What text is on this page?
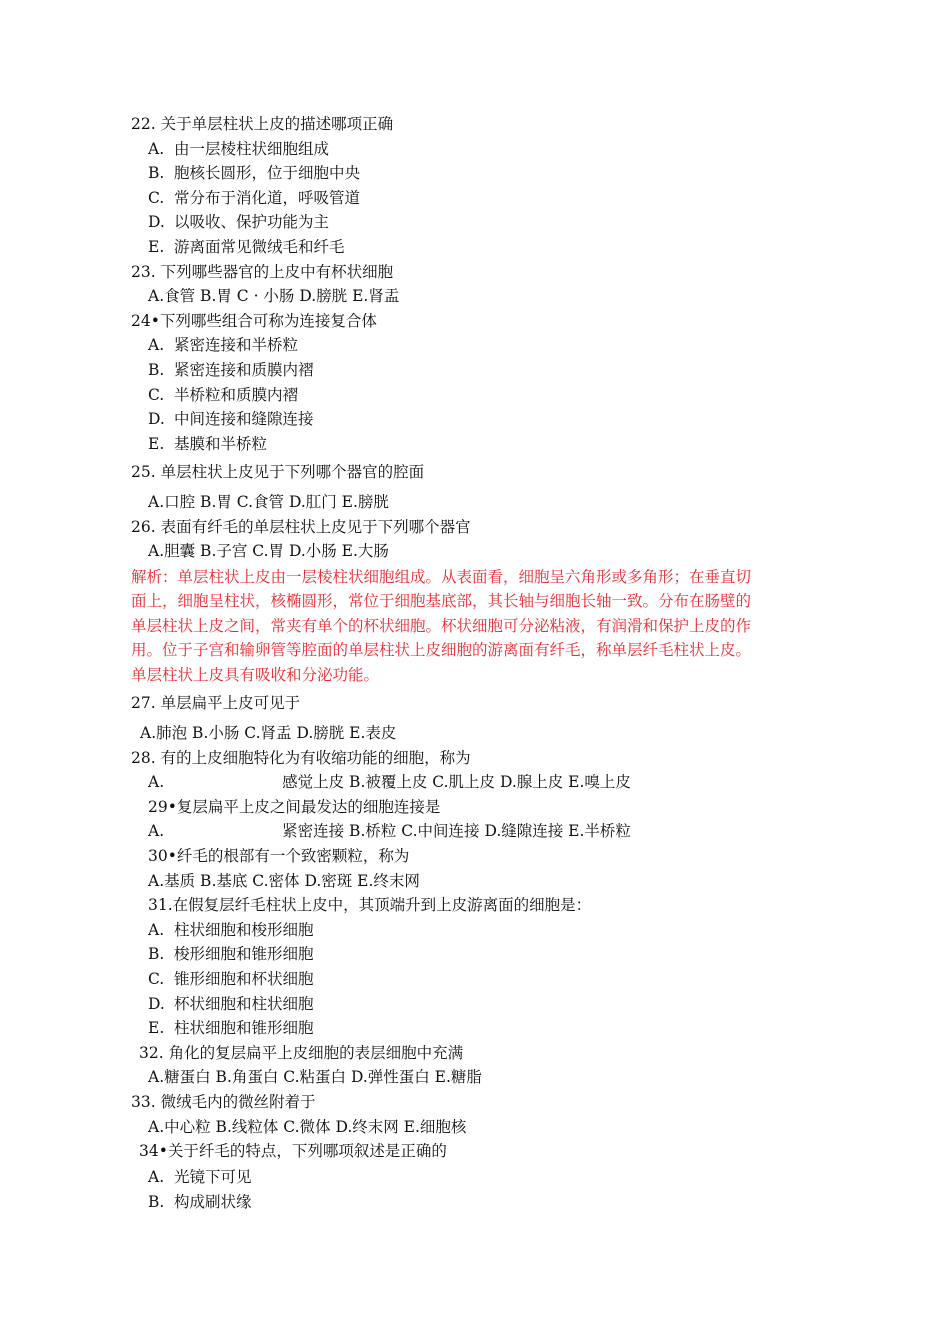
22. 关于单层柱状上皮的描述哪项正确
A. 由一层棱柱状细胞组成
B. 胞核长圆形，位于细胞中央
C. 常分布于消化道，呼吸管道
D. 以吸收、保护功能为主
E. 游离面常见微绒毛和纤毛
23. 下列哪些器官的上皮中有杯状细胞
A.食管 B.胃 C · 小肠 D.膀胱 E.肾盂
24•下列哪些组合可称为连接复合体
A. 紧密连接和半桥粒
B. 紧密连接和质膜内褶
C. 半桥粒和质膜内褶
D. 中间连接和缝隙连接
E. 基膜和半桥粒
25. 单层柱状上皮见于下列哪个器官的腔面
A.口腔 B.胃 C.食管 D.肛门 E.膀胱
26. 表面有纤毛的单层柱状上皮见于下列哪个器官
A.胆囊 B.子宫 C.胃 D.小肠 E.大肠
解析：单层柱状上皮由一层棱柱状细胞组成。从表面看，细胞呈六角形或多角形；在垂直切
面上，细胞呈柱状，核椭圆形，常位于细胞基底部，其长轴与细胞长轴一致。分布在肠壁的
单层柱状上皮之间，常夹有单个的杯状细胞。杯状细胞可分泌粘液，有润滑和保护上皮的作
用。位于子宫和输卵管等腔面的单层柱状上皮细胞的游离面有纤毛，称单层纤毛柱状上皮。
单层柱状上皮具有吸收和分泌功能。
27. 单层扁平上皮可见于
A.肺泡 B.小肠 C.肾盂 D.膀胱 E.表皮
28. 有的上皮细胞特化为有收缩功能的细胞，称为
A.	感觉上皮 B.被覆上皮 C.肌上皮 D.腺上皮 E.嗅上皮
29•复层扁平上皮之间最发达的细胞连接是
A.	紧密连接 B.桥粒 C.中间连接 D.缝隙连接 E.半桥粒
30•纤毛的根部有一个致密颗粒，称为
A.基质 B.基底 C.密体 D.密斑 E.终末网
31.在假复层纤毛柱状上皮中，其顶端升到上皮游离面的细胞是：
A. 柱状细胞和梭形细胞
B. 梭形细胞和锥形细胞
C. 锥形细胞和杯状细胞
D. 杯状细胞和柱状细胞
E. 柱状细胞和锥形细胞
32. 角化的复层扁平上皮细胞的表层细胞中充满
A.糖蛋白 B.角蛋白 C.粘蛋白 D.弹性蛋白 E.糖脂
33. 微绒毛内的微丝附着于
A.中心粒 B.线粒体 C.微体 D.终末网 E.细胞核
34•关于纤毛的特点，下列哪项叙述是正确的
A. 光镜下可见
B. 构成刷状缘
